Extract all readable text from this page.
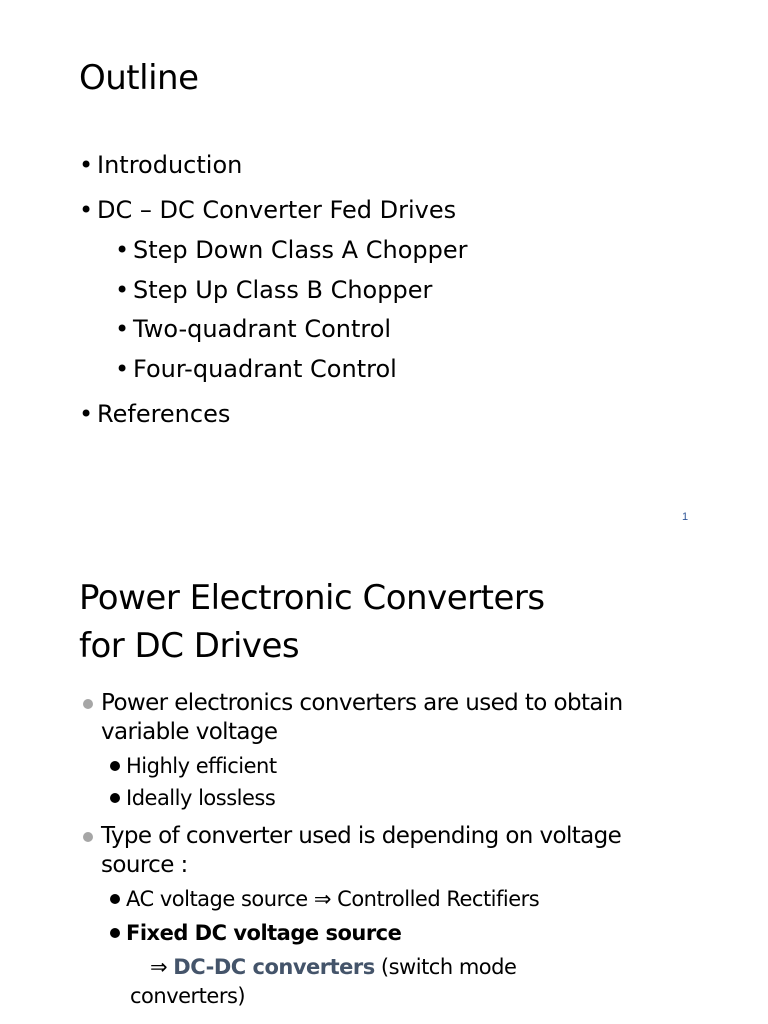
Outline
• Introduction
• DC – DC Converter Fed Drives
• Step Down Class A Chopper
• Step Up Class B Chopper
• Two-quadrant Control
• Four-quadrant Control
• References
1
Power Electronic Converters
for DC Drives
Power electronics converters are used to obtain
variable voltage
Highly efficient
Ideally lossless
Type of converter used is depending on voltage
source :
AC voltage source ⇒ Controlled Rectifiers
Fixed DC voltage source
⇒ DC-DC converters (switch mode
converters)
